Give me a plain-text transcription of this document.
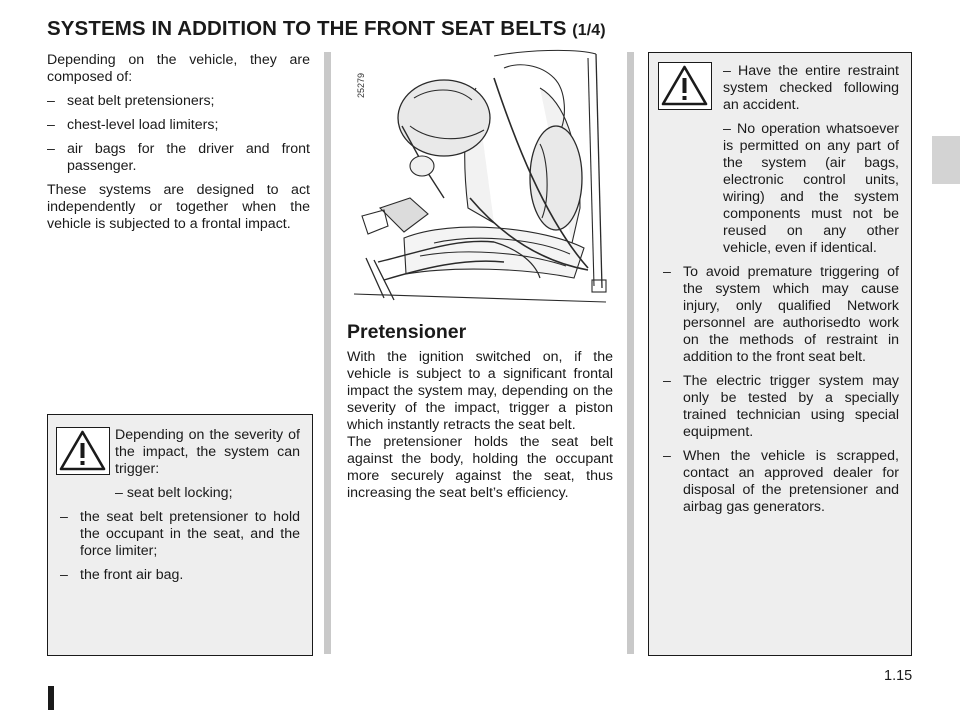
SYSTEMS IN ADDITION TO THE FRONT SEAT BELTS (1/4)

Depending on the vehicle, they are composed of:

– seat belt pretensioners;

– chest-level load limiters;

– air bags for the driver and front passenger.

These systems are designed to act independently or together when the vehicle is subjected to a frontal impact.

25279
Pretensioner

With the ignition switched on, if the vehicle is subject to a significant frontal impact the system may, depending on the severity of the impact, trigger a piston which instantly retracts the seat belt.

The pretensioner holds the seat belt against the body, holding the occupant more securely against the seat, thus increasing the seat belt’s efficiency.

Depending on the severity of the impact, the system can trigger:

– seat belt locking;

– the seat belt pretensioner to hold the occupant in the seat, and the force limiter;

– the front air bag.

– Have the entire restraint system checked following an accident.

– No operation whatsoever is permitted on any part of the system (air bags, electronic control units, wiring) and the system components must not be reused on any other vehicle, even if identical.

– To avoid premature triggering of the system which may cause injury, only qualified Network personnel are authorisedto work on the methods of restraint in addition to the front seat belt.

– The electric trigger system may only be tested by a specially trained technician using special equipment.

– When the vehicle is scrapped, contact an approved dealer for disposal of the pretensioner and airbag gas generators.

1.15
